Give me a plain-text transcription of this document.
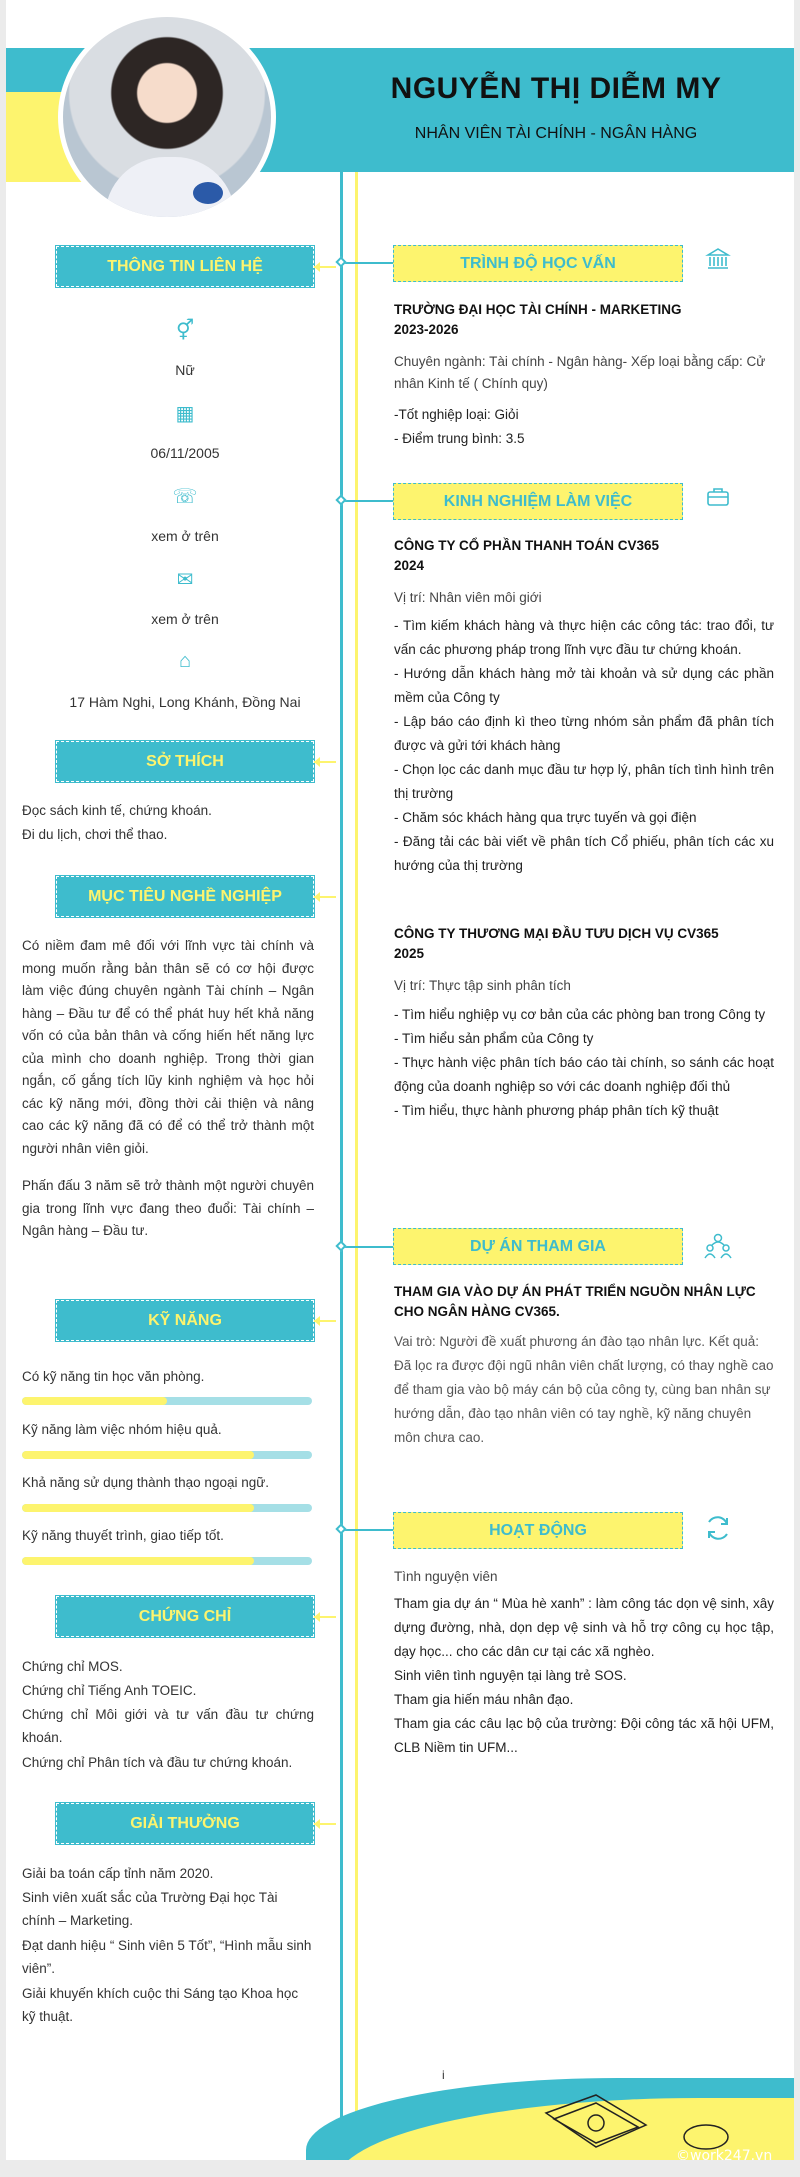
NGUYỄN THỊ DIỄM MY
NHÂN VIÊN TÀI CHÍNH - NGÂN HÀNG
THÔNG TIN LIÊN HỆ
⚥
Nữ
▦
06/11/2005
☏
xem ở trên
✉
xem ở trên
⌂
17 Hàm Nghi, Long Khánh, Đồng Nai
SỞ THÍCH
Đọc sách kinh tế, chứng khoán.
Đi du lịch, chơi thể thao.
MỤC TIÊU NGHỀ NGHIỆP
Có niềm đam mê đối với lĩnh vực tài chính và mong muốn rằng bản thân sẽ có cơ hội được làm việc đúng chuyên ngành Tài chính – Ngân hàng – Đầu tư để có thể phát huy hết khả năng vốn có của bản thân và cống hiến hết năng lực của mình cho doanh nghiệp. Trong thời gian ngắn, cố gắng tích lũy kinh nghiệm và học hỏi các kỹ năng mới, đồng thời cải thiện và nâng cao các kỹ năng đã có để có thể trở thành một người nhân viên giỏi.
Phấn đấu 3 năm sẽ trở thành một người chuyên gia trong lĩnh vực đang theo đuổi: Tài chính – Ngân hàng – Đầu tư.
KỸ NĂNG
Có kỹ năng tin học văn phòng.
Kỹ năng làm việc nhóm hiệu quả.
Khả năng sử dụng thành thạo ngoại ngữ.
Kỹ năng thuyết trình, giao tiếp tốt.
CHỨNG CHỈ
Chứng chỉ MOS.
Chứng chỉ Tiếng Anh TOEIC.
Chứng chỉ Môi giới và tư vấn đầu tư chứng khoán.
Chứng chỉ Phân tích và đầu tư chứng khoán.
GIẢI THƯỞNG
Giải ba toán cấp tỉnh năm 2020.
Sinh viên xuất sắc của Trường Đại học Tài chính – Marketing.
Đạt danh hiệu “ Sinh viên 5 Tốt”, “Hình mẫu sinh viên”.
Giải khuyến khích cuộc thi Sáng tạo Khoa học kỹ thuật.
TRÌNH ĐỘ HỌC VẤN
TRƯỜNG ĐẠI HỌC TÀI CHÍNH - MARKETING
2023-2026
Chuyên ngành: Tài chính - Ngân hàng- Xếp loại bằng cấp: Cử nhân Kinh tế ( Chính quy)
-Tốt nghiệp loại: Giỏi
- Điểm trung bình: 3.5
KINH NGHIỆM LÀM VIỆC
CÔNG TY CỔ PHẦN THANH TOÁN CV365
2024
Vị trí: Nhân viên môi giới
- Tìm kiếm khách hàng và thực hiện các công tác: trao đổi, tư vấn các phương pháp trong lĩnh vực đầu tư chứng khoán.
- Hướng dẫn khách hàng mở tài khoản và sử dụng các phần mềm của Công ty
- Lập báo cáo định kì theo từng nhóm sản phẩm đã phân tích được và gửi tới khách hàng
- Chọn lọc các danh mục đầu tư hợp lý, phân tích tình hình trên thị trường
- Chăm sóc khách hàng qua trực tuyến và gọi điện
- Đăng tải các bài viết về phân tích Cổ phiếu, phân tích các xu hướng của thị trường
CÔNG TY THƯƠNG MẠI ĐẦU TƯU DỊCH VỤ CV365
2025
Vị trí: Thực tập sinh phân tích
- Tìm hiểu nghiệp vụ cơ bản của các phòng ban trong Công ty
- Tìm hiểu sản phẩm của Công ty
- Thực hành việc phân tích báo cáo tài chính, so sánh các hoạt động của doanh nghiệp so với các doanh nghiệp đối thủ
- Tìm hiểu, thực hành phương pháp phân tích kỹ thuật
DỰ ÁN THAM GIA
THAM GIA VÀO DỰ ÁN PHÁT TRIỂN NGUỒN NHÂN LỰC CHO NGÂN HÀNG CV365.
Vai trò: Người đề xuất phương án đào tạo nhân lực. Kết quả: Đã lọc ra được đội ngũ nhân viên chất lượng, có thay nghề cao để tham gia vào bộ máy cán bộ của công ty, cùng ban nhân sự hướng dẫn, đào tạo nhân viên có tay nghề, kỹ năng chuyên môn chưa cao.
HOẠT ĐỘNG
Tình nguyện viên
Tham gia dự án “ Mùa hè xanh” : làm công tác dọn vệ sinh, xây dựng đường, nhà, dọn dẹp vệ sinh và hỗ trợ công cụ học tập, dạy học... cho các dân cư tại các xã nghèo.
Sinh viên tình nguyện tại làng trẻ SOS.
Tham gia hiến máu nhân đạo.
Tham gia các câu lạc bộ của trường: Đội công tác xã hội UFM, CLB Niềm tin UFM...
i
©work247.vn
